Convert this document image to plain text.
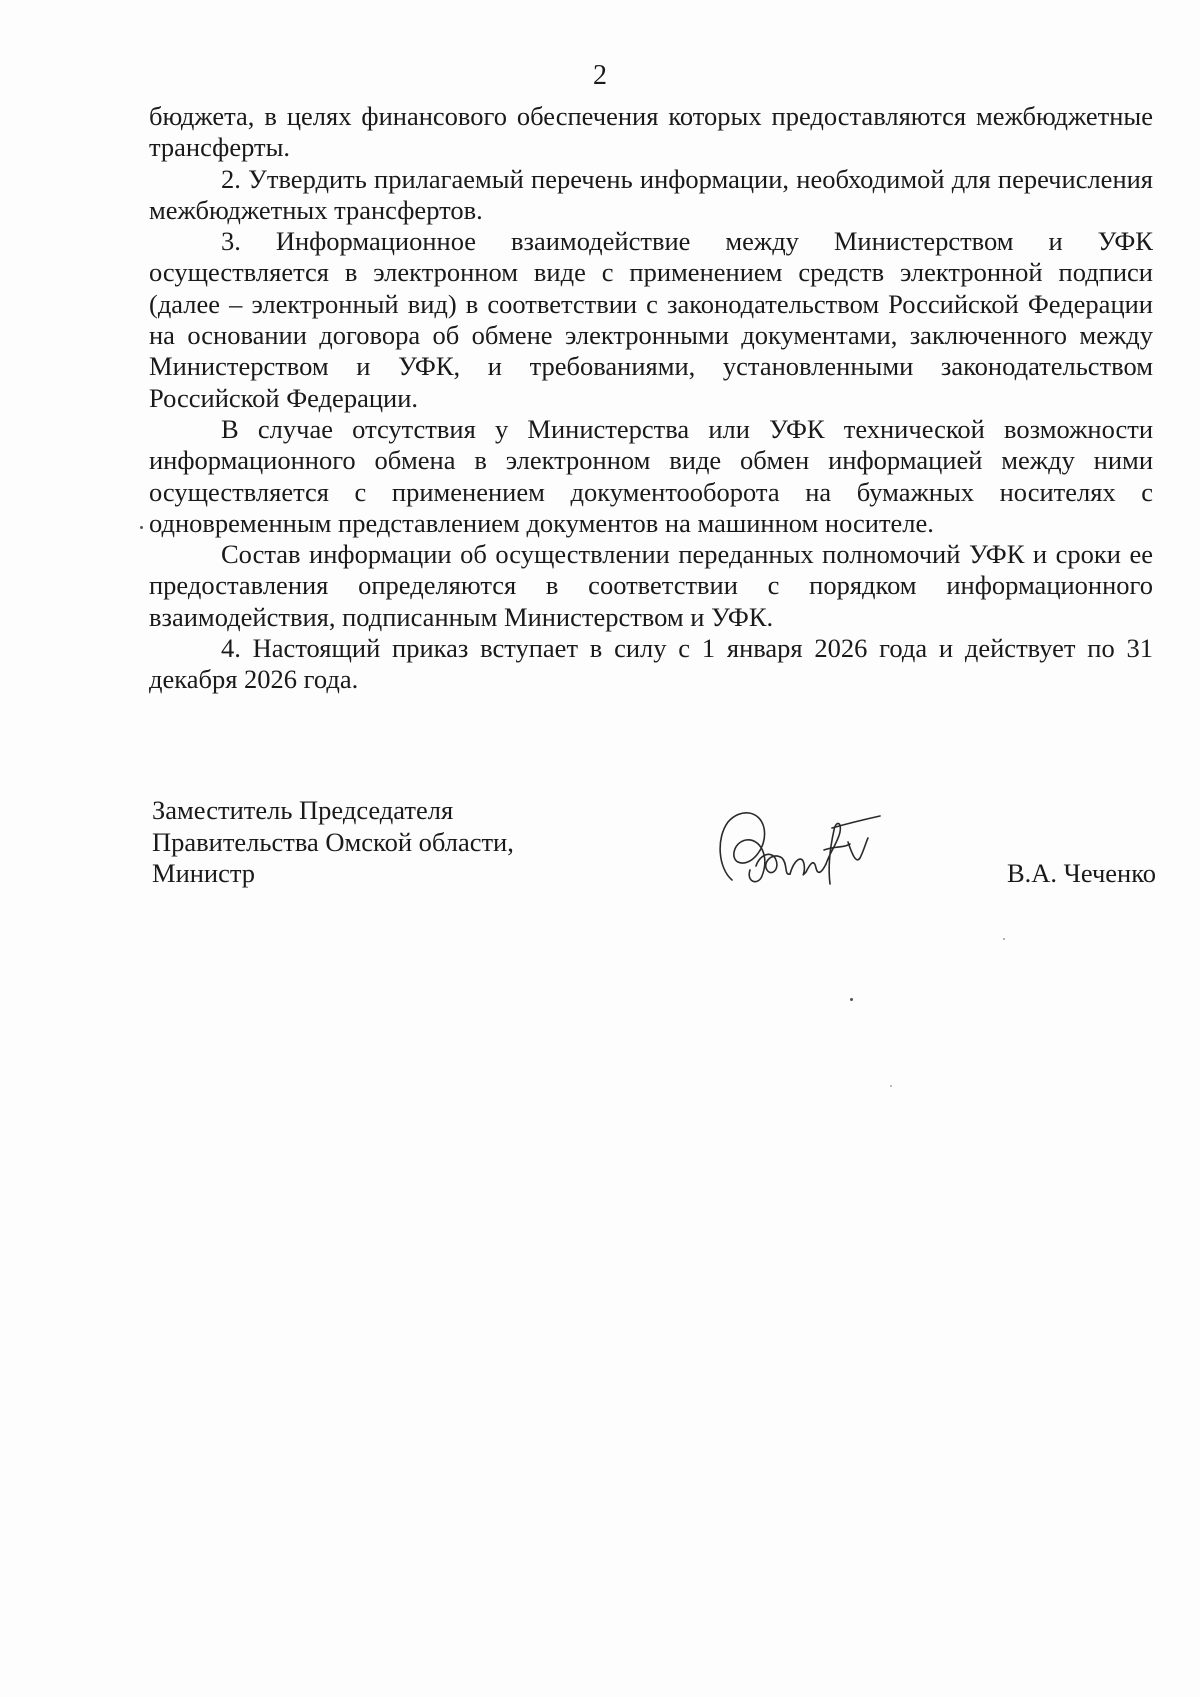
2

бюджета, в целях финансового обеспечения которых предоставляются межбюджетные трансферты.

2. Утвердить прилагаемый перечень информации, необходимой для перечисления межбюджетных трансфертов.

3. Информационное взаимодействие между Министерством и УФК осуществляется в электронном виде с применением средств электронной подписи (далее – электронный вид) в соответствии с законодательством Российской Федерации на основании договора об обмене электронными документами, заключенного между Министерством и УФК, и требованиями, установленными законодательством Российской Федерации.

В случае отсутствия у Министерства или УФК технической возможности информационного обмена в электронном виде обмен информацией между ними осуществляется с применением документооборота на бумажных носителях с одновременным представлением документов на машинном носителе.

Состав информации об осуществлении переданных полномочий УФК и сроки ее предоставления определяются в соответствии с порядком информационного взаимодействия, подписанным Министерством и УФК.

4. Настоящий приказ вступает в силу с 1 января 2026 года и действует по 31 декабря 2026 года.

Заместитель Председателя
Правительства Омской области,
Министр	В.А. Чеченко
